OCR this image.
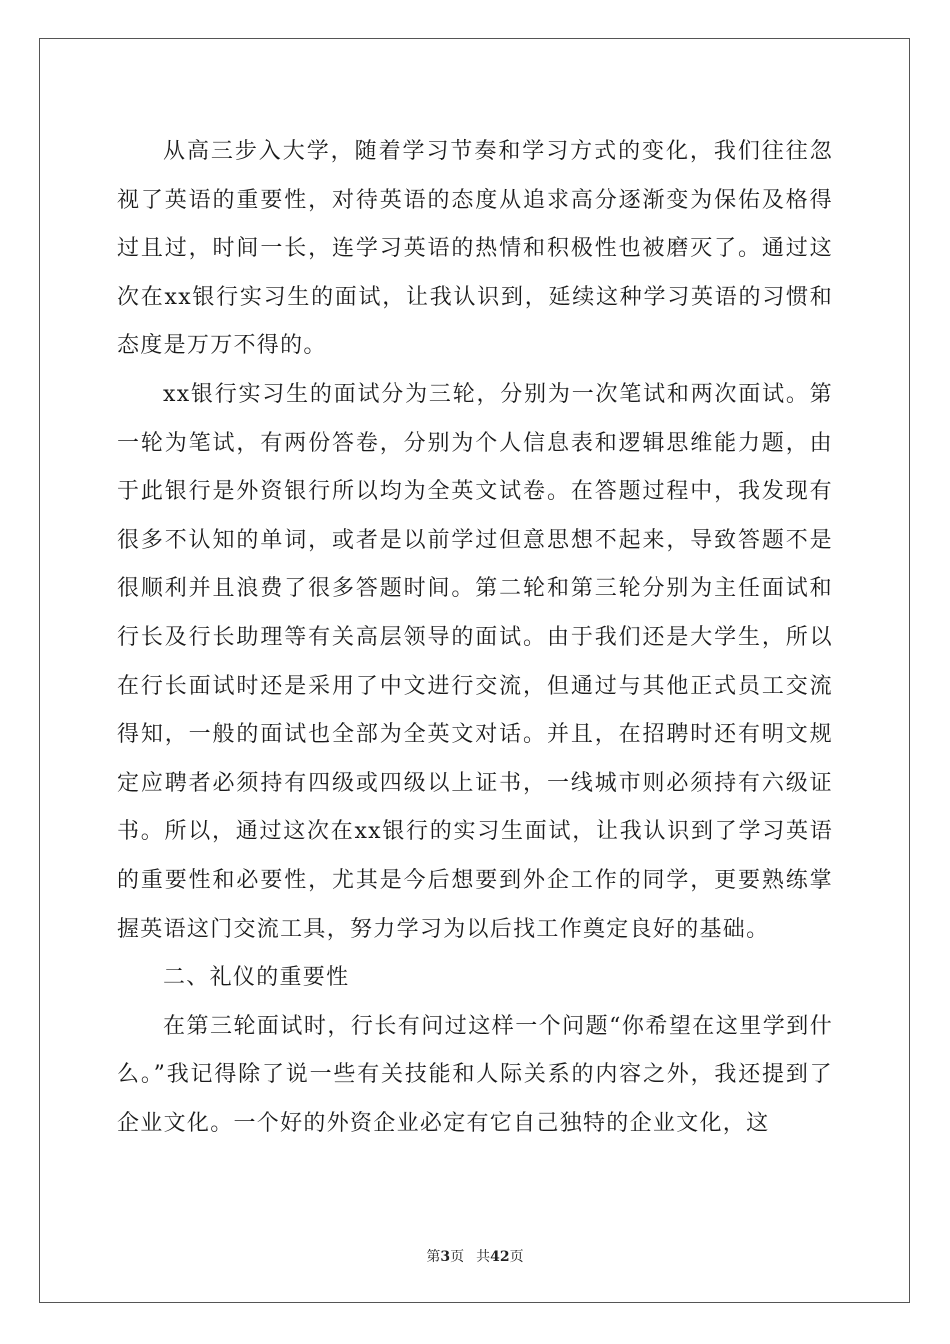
从高三步入大学，随着学习节奏和学习方式的变化，我们往往忽视了英语的重要性，对待英语的态度从追求高分逐渐变为保佑及格得过且过，时间一长，连学习英语的热情和积极性也被磨灭了。通过这次在xx银行实习生的面试，让我认识到，延续这种学习英语的习惯和态度是万万不得的。

xx银行实习生的面试分为三轮，分别为一次笔试和两次面试。第一轮为笔试，有两份答卷，分别为个人信息表和逻辑思维能力题，由于此银行是外资银行所以均为全英文试卷。在答题过程中，我发现有很多不认知的单词，或者是以前学过但意思想不起来，导致答题不是很顺利并且浪费了很多答题时间。第二轮和第三轮分别为主任面试和行长及行长助理等有关高层领导的面试。由于我们还是大学生，所以在行长面试时还是采用了中文进行交流，但通过与其他正式员工交流得知，一般的面试也全部为全英文对话。并且，在招聘时还有明文规定应聘者必须持有四级或四级以上证书，一线城市则必须持有六级证书。所以，通过这次在xx银行的实习生面试，让我认识到了学习英语的重要性和必要性，尤其是今后想要到外企工作的同学，更要熟练掌握英语这门交流工具，努力学习为以后找工作奠定良好的基础。

二、礼仪的重要性

在第三轮面试时，行长有问过这样一个问题“你希望在这里学到什么。”我记得除了说一些有关技能和人际关系的内容之外，我还提到了企业文化。一个好的外资企业必定有它自己独特的企业文化，这

第3页 共42页
